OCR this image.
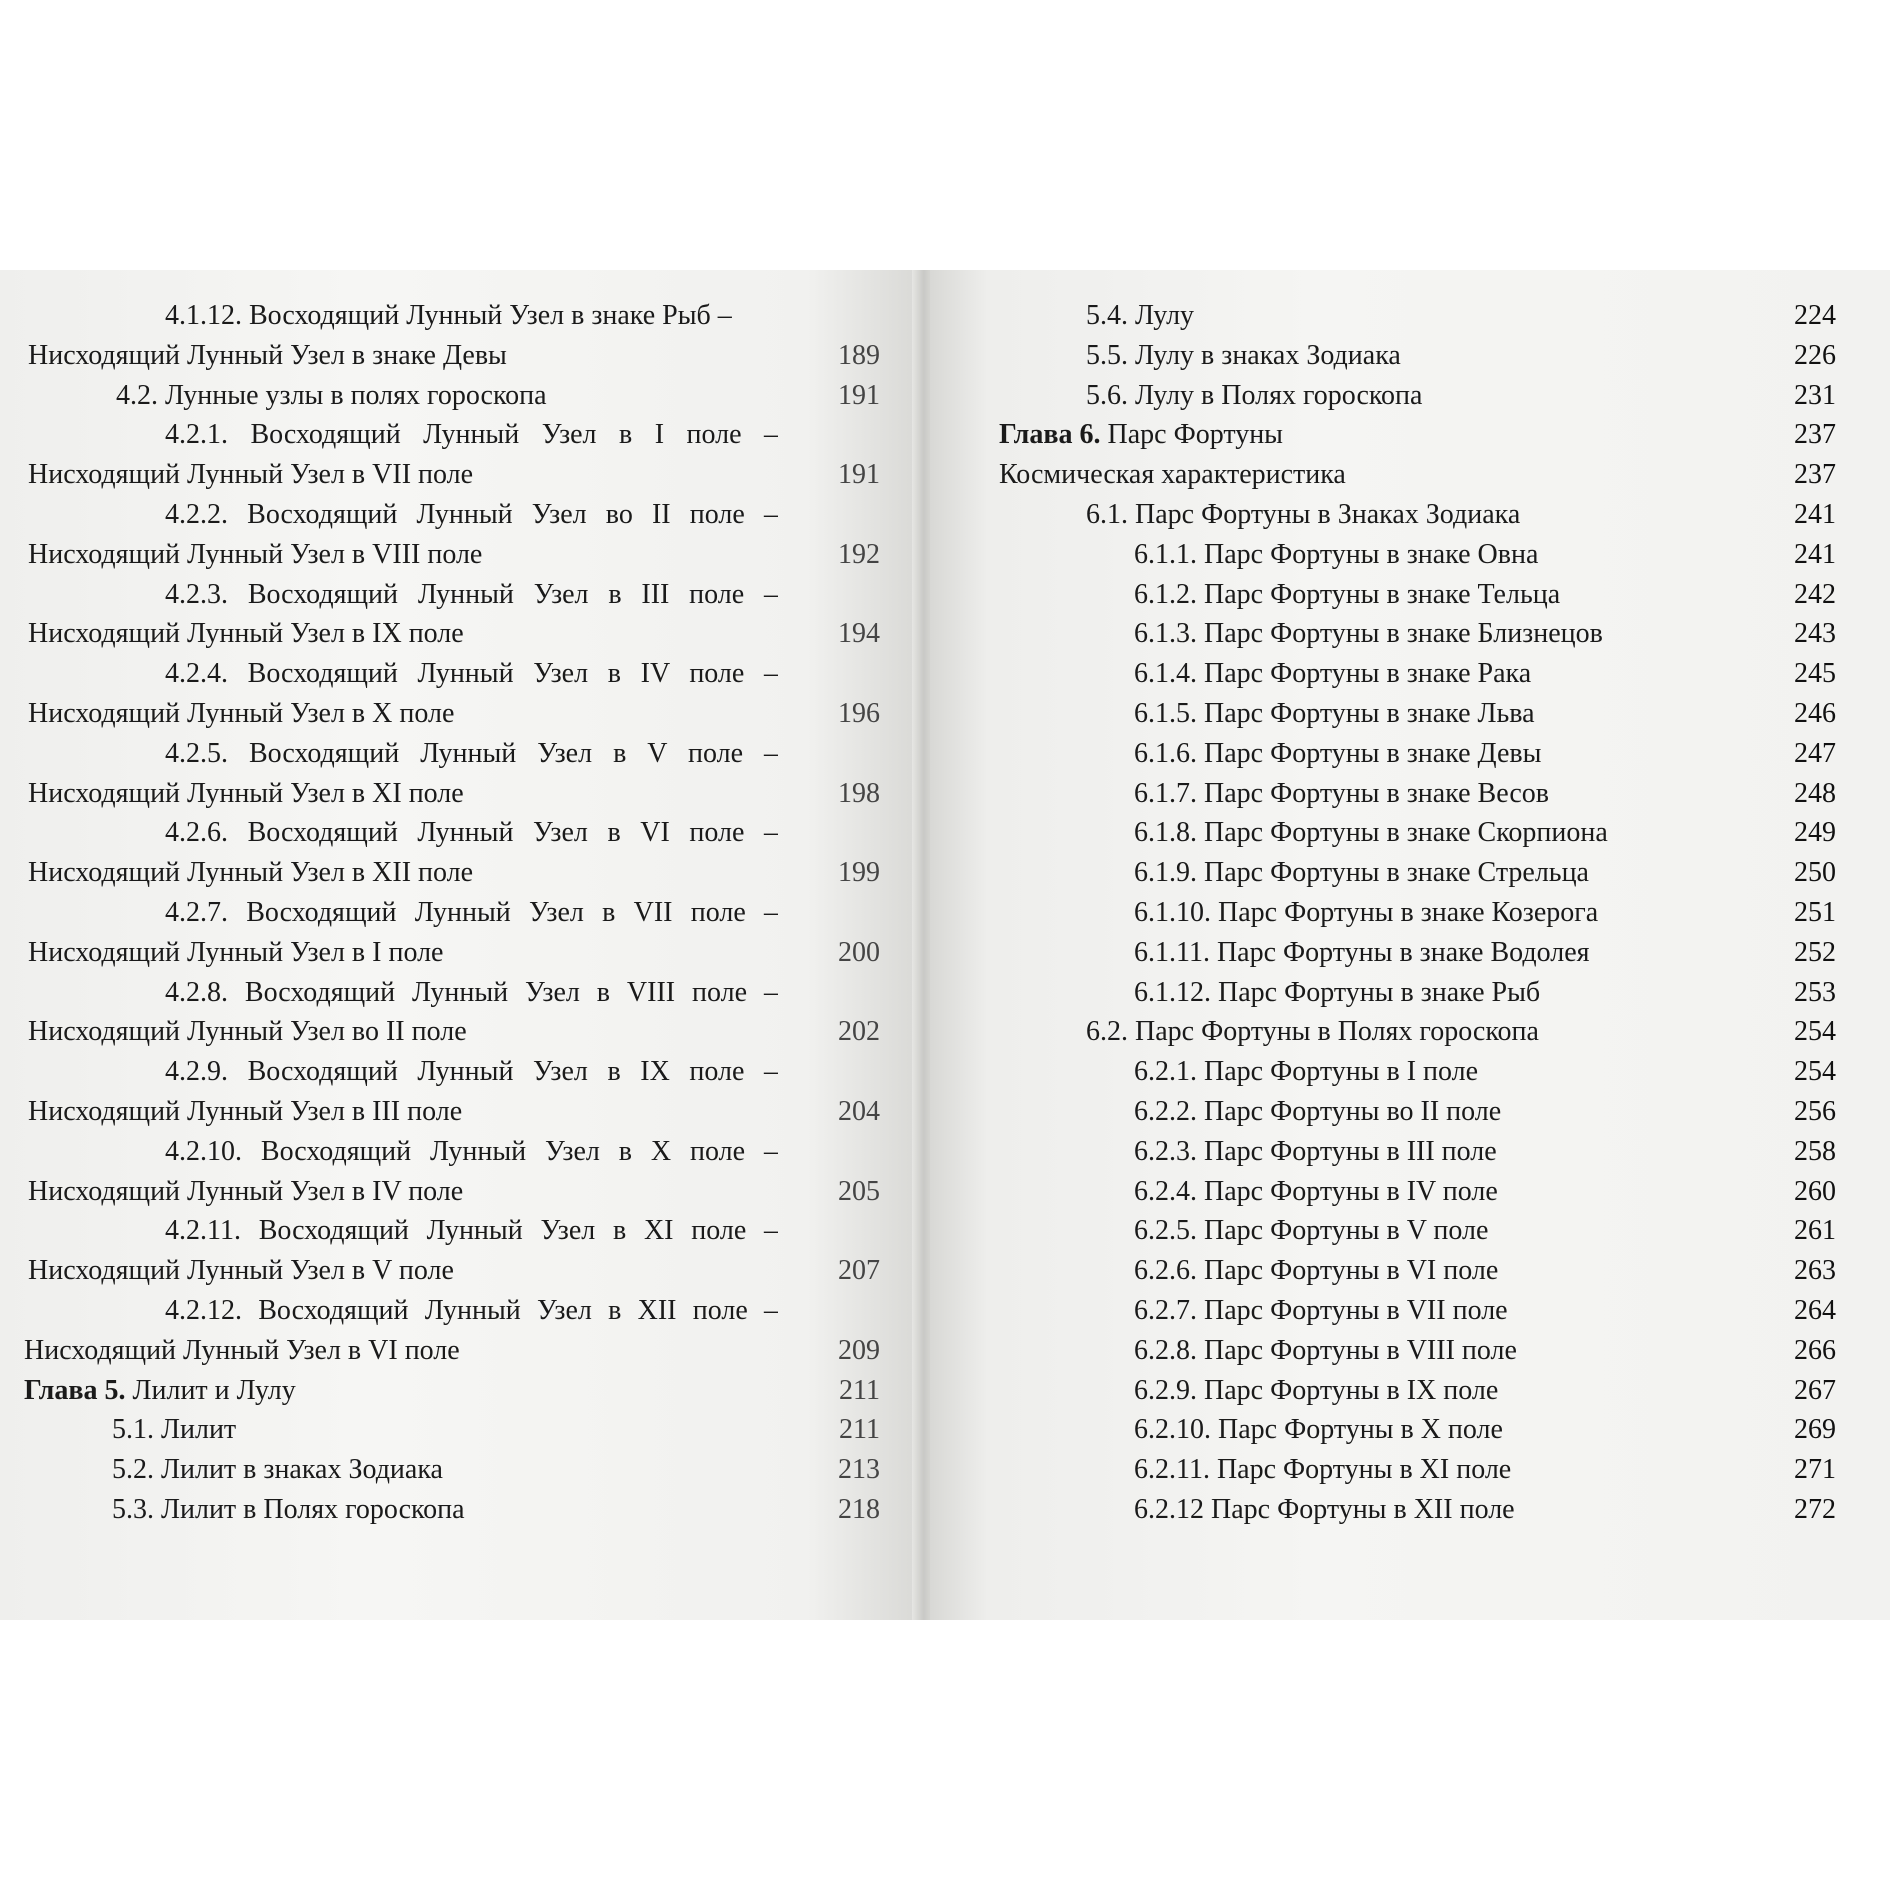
4.1.12. Восходящий Лунный Узел в знаке Рыб –
Нисходящий Лунный Узел в знаке Девы	189
4.2. Лунные узлы в полях гороскопа	191
4.2.1. Восходящий Лунный Узел в I поле –
Нисходящий Лунный Узел в VII поле	191
4.2.2. Восходящий Лунный Узел во II поле –
Нисходящий Лунный Узел в VIII поле	192
4.2.3. Восходящий Лунный Узел в III поле –
Нисходящий Лунный Узел в IX поле	194
4.2.4. Восходящий Лунный Узел в IV поле –
Нисходящий Лунный Узел в X поле	196
4.2.5. Восходящий Лунный Узел в V поле –
Нисходящий Лунный Узел в XI поле	198
4.2.6. Восходящий Лунный Узел в VI поле –
Нисходящий Лунный Узел в XII поле	199
4.2.7. Восходящий Лунный Узел в VII поле –
Нисходящий Лунный Узел в I поле	200
4.2.8. Восходящий Лунный Узел в VIII поле –
Нисходящий Лунный Узел во II поле	202
4.2.9. Восходящий Лунный Узел в IX поле –
Нисходящий Лунный Узел в III поле	204
4.2.10. Восходящий Лунный Узел в X поле –
Нисходящий Лунный Узел в IV поле	205
4.2.11. Восходящий Лунный Узел в XI поле –
Нисходящий Лунный Узел в V поле	207
4.2.12. Восходящий Лунный Узел в XII поле –
Нисходящий Лунный Узел в VI поле	209
Глава 5. Лилит и Лулу	211
5.1. Лилит	211
5.2. Лилит в знаках Зодиака	213
5.3. Лилит в Полях гороскопа	218
5.4. Лулу	224
5.5. Лулу в знаках Зодиака	226
5.6. Лулу в Полях гороскопа	231
Глава 6. Парс Фортуны	237
Космическая характеристика	237
6.1. Парс Фортуны в Знаках Зодиака	241
6.1.1. Парс Фортуны в знаке Овна	241
6.1.2. Парс Фортуны в знаке Тельца	242
6.1.3. Парс Фортуны в знаке Близнецов	243
6.1.4. Парс Фортуны в знаке Рака	245
6.1.5. Парс Фортуны в знаке Льва	246
6.1.6. Парс Фортуны в знаке Девы	247
6.1.7. Парс Фортуны в знаке Весов	248
6.1.8. Парс Фортуны в знаке Скорпиона	249
6.1.9. Парс Фортуны в знаке Стрельца	250
6.1.10. Парс Фортуны в знаке Козерога	251
6.1.11. Парс Фортуны в знаке Водолея	252
6.1.12. Парс Фортуны в знаке Рыб	253
6.2. Парс Фортуны в Полях гороскопа	254
6.2.1. Парс Фортуны в I поле	254
6.2.2. Парс Фортуны во II поле	256
6.2.3. Парс Фортуны в III поле	258
6.2.4. Парс Фортуны в IV поле	260
6.2.5. Парс Фортуны в V поле	261
6.2.6. Парс Фортуны в VI поле	263
6.2.7. Парс Фортуны в VII поле	264
6.2.8. Парс Фортуны в VIII поле	266
6.2.9. Парс Фортуны в IX поле	267
6.2.10. Парс Фортуны в X поле	269
6.2.11. Парс Фортуны в XI поле	271
6.2.12 Парс Фортуны в XII поле	272
